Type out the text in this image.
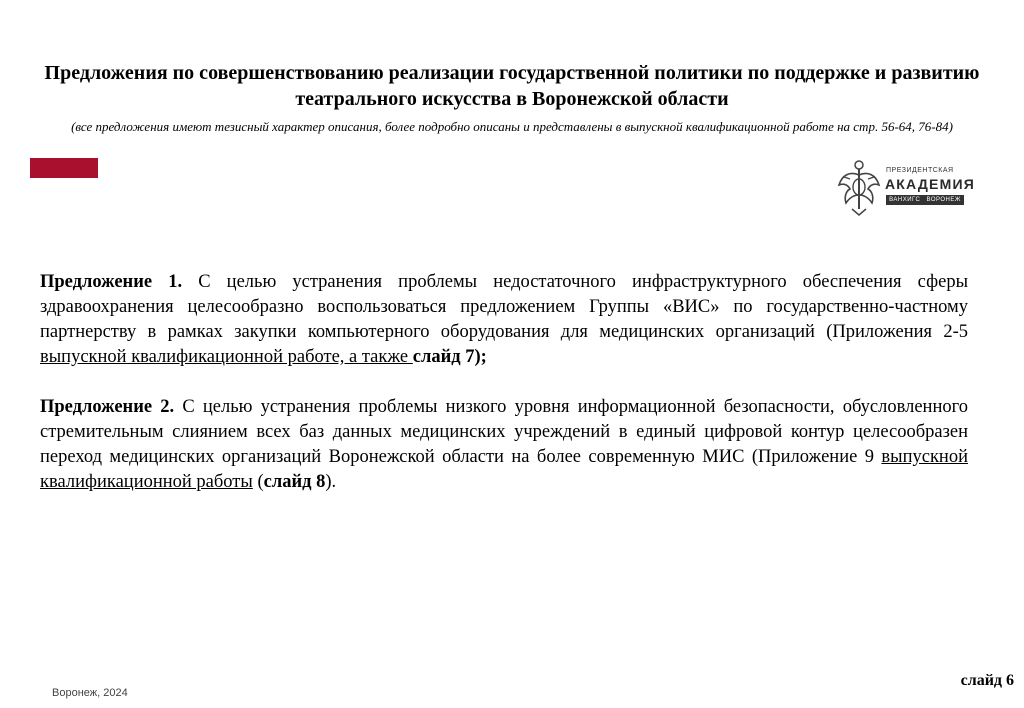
Предложения по совершенствованию реализации государственной политики по поддержке и развитию театрального искусства в Воронежской области
(все предложения имеют тезисный характер описания, более подробно описаны и представлены в выпускной квалификационной работе на стр. 56-64, 76-84)
ПРЕЗИДЕНТСКАЯ
АКАДЕМИЯ
ВАНХИГС ВОРОНЕЖ

Предложение 1. С целью устранения проблемы недостаточного инфраструктурного обеспечения сферы здравоохранения целесообразно воспользоваться предложением Группы «ВИС» по государственно-частному партнерству в рамках закупки компьютерного оборудования для медицинских организаций (Приложения 2-5 выпускной квалификационной работе, а также слайд 7);

Предложение 2. С целью устранения проблемы низкого уровня информационной безопасности, обусловленного стремительным слиянием всех баз данных медицинских учреждений в единый цифровой контур целесообразен переход медицинских организаций Воронежской области на более современную МИС (Приложение 9 выпускной квалификационной работы (слайд 8).

Воронеж, 2024
слайд 6
